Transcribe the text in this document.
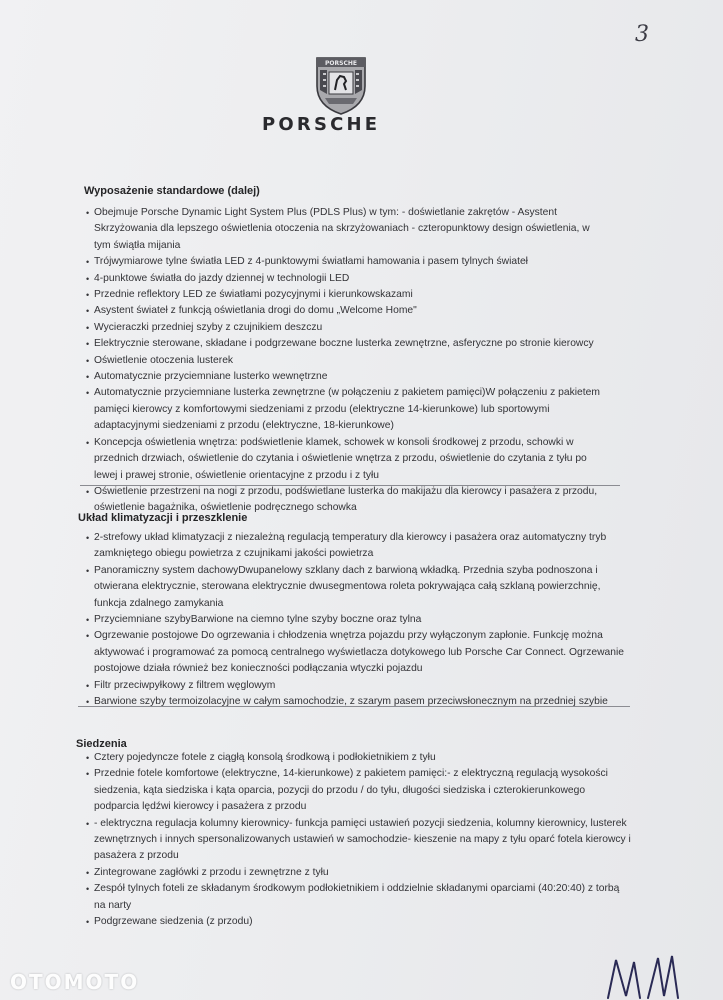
3
PORSCHE
PORSCHE
Wyposażenie standardowe (dalej)
• Obejmuje Porsche Dynamic Light System Plus (PDLS Plus) w tym: - doświetlanie zakrętów - Asystent Skrzyżowania dla lepszego oświetlenia otoczenia na skrzyżowaniach - czteropunktowy design oświetlenia, w tym świątła mijania
• Trójwymiarowe tylne światła LED z 4-punktowymi światłami hamowania i pasem tylnych świateł
• 4-punktowe światła do jazdy dziennej w technologii LED
• Przednie reflektory LED ze światłami pozycyjnymi i kierunkowskazami
• Asystent świateł z funkcją oświetlania drogi do domu „Welcome Home"
• Wycieraczki przedniej szyby z czujnikiem deszczu
• Elektrycznie sterowane, składane i podgrzewane boczne lusterka zewnętrzne, asferyczne po stronie kierowcy
• Oświetlenie otoczenia lusterek
• Automatycznie przyciemniane lusterko wewnętrzne
• Automatycznie przyciemniane lusterka zewnętrzne (w połączeniu z pakietem pamięci)W połączeniu z pakietem pamięci kierowcy z komfortowymi siedzeniami z przodu (elektryczne 14-kierunkowe) lub sportowymi adaptacyjnymi siedzeniami z przodu (elektryczne, 18-kierunkowe)
• Koncepcja oświetlenia wnętrza: podświetlenie klamek, schowek w konsoli środkowej z przodu, schowki w przednich drzwiach, oświetlenie do czytania i oświetlenie wnętrza z przodu, oświetlenie do czytania z tyłu po lewej i prawej stronie, oświetlenie orientacyjne z przodu i z tyłu
• Oświetlenie przestrzeni na nogi z przodu, podświetlane lusterka do makijażu dla kierowcy i pasażera z przodu, oświetlenie bagażnika, oświetlenie podręcznego schowka
Układ klimatyzacji i przeszklenie
• 2-strefowy układ klimatyzacji z niezależną regulacją temperatury dla kierowcy i pasażera oraz automatyczny tryb zamkniętego obiegu powietrza z czujnikami jakości powietrza
• Panoramiczny system dachowyDwupanelowy szklany dach z barwioną wkładką. Przednia szyba podnoszona i otwierana elektrycznie, sterowana elektrycznie dwusegmentowa roleta pokrywająca całą szklaną powierzchnię, funkcja zdalnego zamykania
• Przyciemniane szybyBarwione na ciemno tylne szyby boczne oraz tylna
• Ogrzewanie postojowe Do ogrzewania i chłodzenia wnętrza pojazdu przy wyłączonym zapłonie. Funkcję można aktywować i programować za pomocą centralnego wyświetlacza dotykowego lub Porsche Car Connect. Ogrzewanie postojowe działa również bez konieczności podłączania wtyczki pojazdu
• Filtr przeciwpyłkowy z filtrem węglowym
• Barwione szyby termoizolacyjne w całym samochodzie, z szarym pasem przeciwsłonecznym na przedniej szybie
Siedzenia
• Cztery pojedyncze fotele z ciągłą konsolą środkową i podłokietnikiem z tyłu
• Przednie fotele komfortowe (elektryczne, 14-kierunkowe) z pakietem pamięci:- z elektryczną regulacją wysokości siedzenia, kąta siedziska i kąta oparcia, pozycji do przodu / do tyłu, długości siedziska i czterokierunkowego podparcia lędźwi kierowcy i pasażera z przodu
• - elektryczna regulacja kolumny kierownicy- funkcja pamięci ustawień pozycji siedzenia, kolumny kierownicy, lusterek zewnętrznych i innych spersonalizowanych ustawień w samochodzie- kieszenie na mapy z tyłu oparć fotela kierowcy i pasażera z przodu
• Zintegrowane zagłówki z przodu i zewnętrzne z tyłu
• Zespół tylnych foteli ze składanym środkowym podłokietnikiem i oddzielnie składanymi oparciami (40:20:40) z torbą na narty
• Podgrzewane siedzenia (z przodu)
OTOMOTO
